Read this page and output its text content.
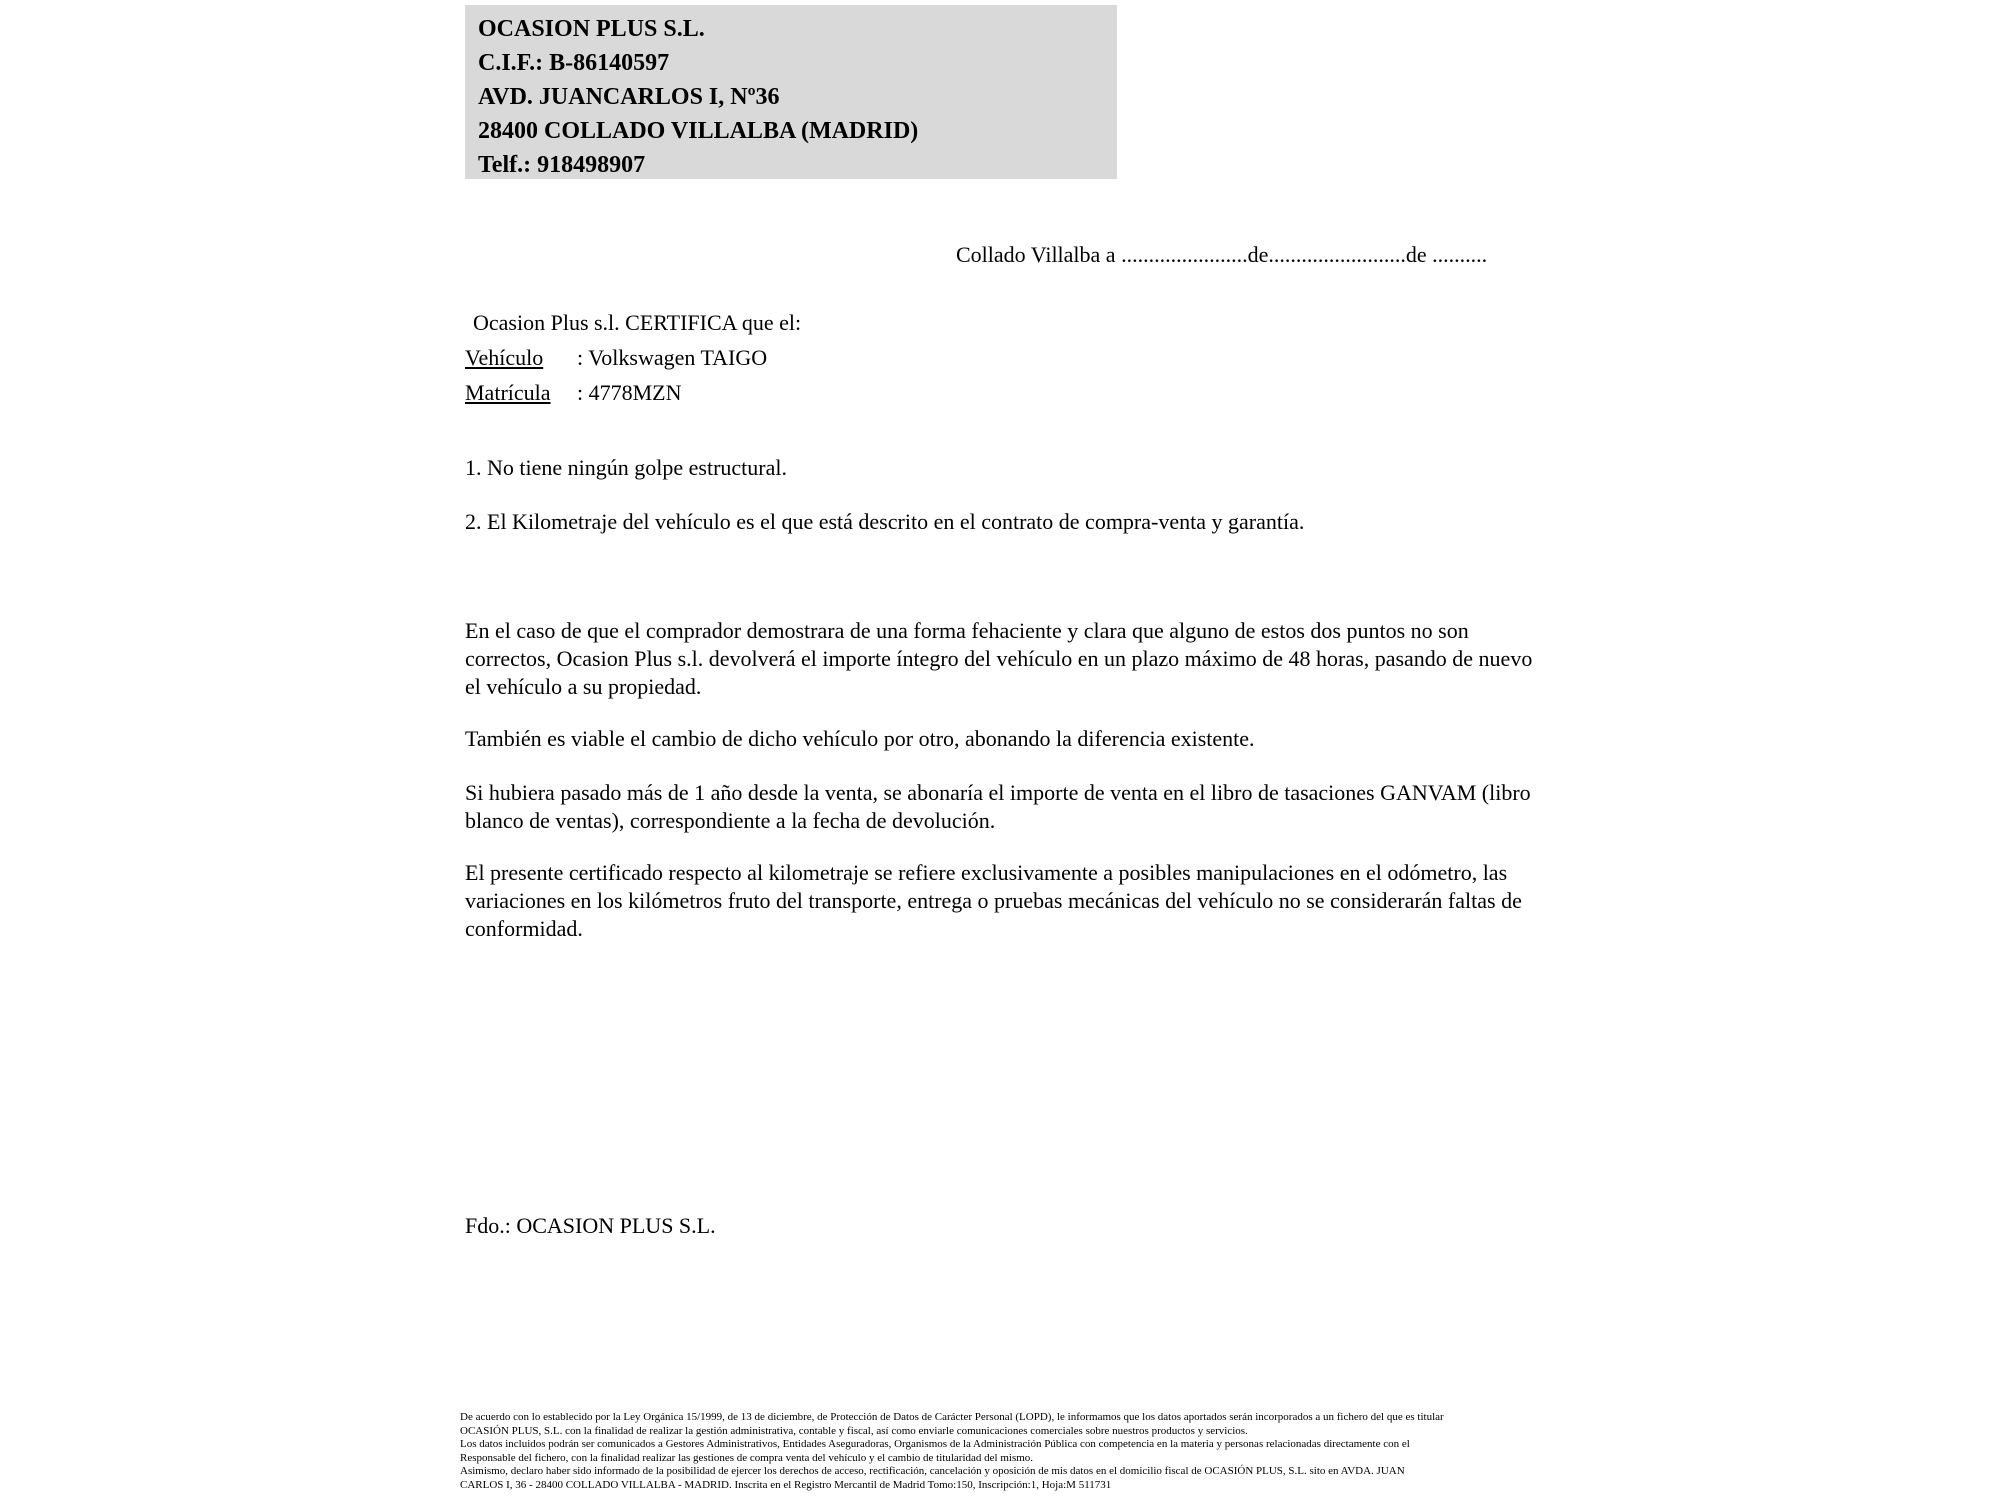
OCASION PLUS S.L.
C.I.F.: B-86140597
AVD. JUANCARLOS I, Nº36
28400 COLLADO VILLALBA (MADRID)
Telf.: 918498907
Collado Villalba a .......................de.........................de ..........
Ocasion Plus s.l. CERTIFICA que el:
Vehículo : Volkswagen TAIGO
Matrícula : 4778MZN
1. No tiene ningún golpe estructural.
2. El Kilometraje del vehículo es el que está descrito en el contrato de compra-venta y garantía.

En el caso de que el comprador demostrara de una forma fehaciente y clara que alguno de estos dos puntos no son correctos, Ocasion Plus s.l. devolverá el importe íntegro del vehículo en un plazo máximo de 48 horas, pasando de nuevo el vehículo a su propiedad.

También es viable el cambio de dicho vehículo por otro, abonando la diferencia existente.

Si hubiera pasado más de 1 año desde la venta, se abonaría el importe de venta en el libro de tasaciones GANVAM (libro blanco de ventas), correspondiente a la fecha de devolución.

El presente certificado respecto al kilometraje se refiere exclusivamente a posibles manipulaciones en el odómetro, las variaciones en los kilómetros fruto del transporte, entrega o pruebas mecánicas del vehículo no se considerarán faltas de conformidad.

Fdo.: OCASION PLUS S.L.
De acuerdo con lo establecido por la Ley Orgánica 15/1999, de 13 de diciembre, de Protección de Datos de Carácter Personal (LOPD), le informamos que los datos aportados serán incorporados a un fichero del que es titular
OCASIÓN PLUS, S.L. con la finalidad de realizar la gestión administrativa, contable y fiscal, así como enviarle comunicaciones comerciales sobre nuestros productos y servicios.
Los datos incluidos podrán ser comunicados a Gestores Administrativos, Entidades Aseguradoras, Organismos de la Administración Pública con competencia en la materia y personas relacionadas directamente con el
Responsable del fichero, con la finalidad realizar las gestiones de compra venta del vehículo y el cambio de titularidad del mismo.
Asimismo, declaro haber sido informado de la posibilidad de ejercer los derechos de acceso, rectificación, cancelación y oposición de mis datos en el domicilio fiscal de OCASIÓN PLUS, S.L. sito en AVDA. JUAN
CARLOS I, 36 - 28400 COLLADO VILLALBA - MADRID. Inscrita en el Registro Mercantil de Madrid Tomo:150, Inscripción:1, Hoja:M 511731
